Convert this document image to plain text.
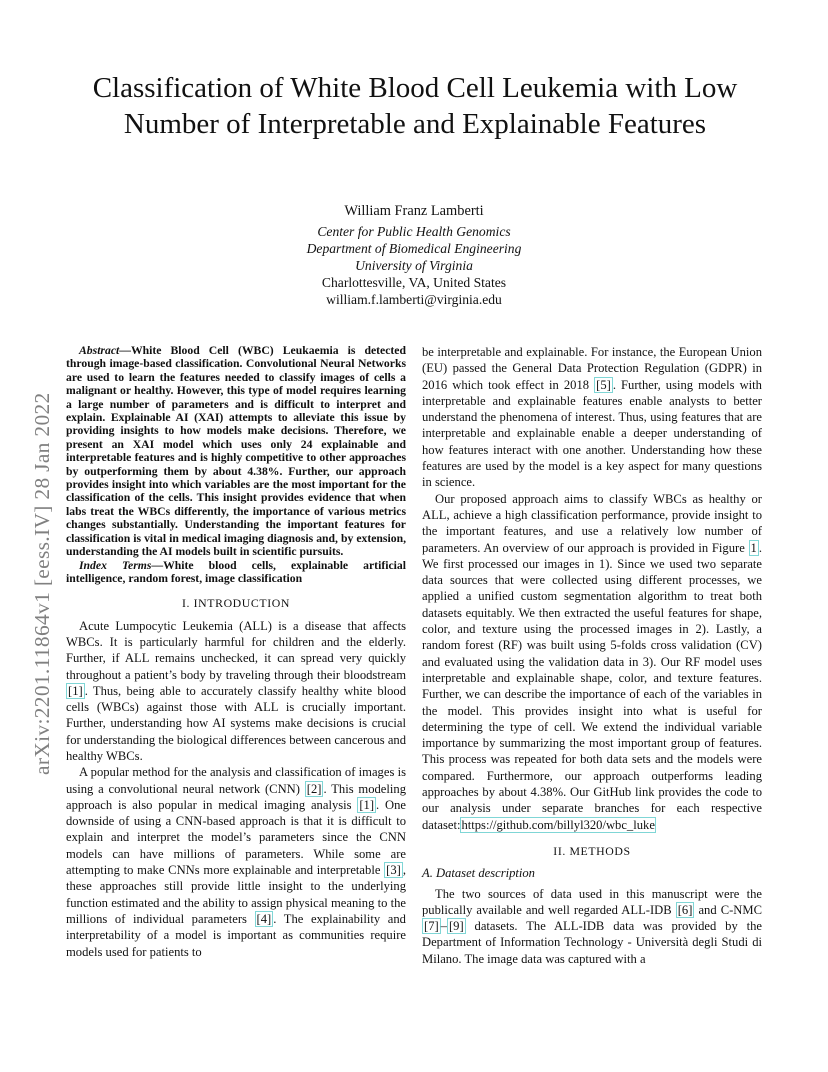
arXiv:2201.11864v1 [eess.IV] 28 Jan 2022
Classification of White Blood Cell Leukemia with Low Number of Interpretable and Explainable Features
William Franz Lamberti
Center for Public Health Genomics
Department of Biomedical Engineering
University of Virginia
Charlottesville, VA, United States
william.f.lamberti@virginia.edu

Abstract—White Blood Cell (WBC) Leukaemia is detected through image-based classification. Convolutional Neural Networks are used to learn the features needed to classify images of cells a malignant or healthy. However, this type of model requires learning a large number of parameters and is difficult to interpret and explain. Explainable AI (XAI) attempts to alleviate this issue by providing insights to how models make decisions. Therefore, we present an XAI model which uses only 24 explainable and interpretable features and is highly competitive to other approaches by outperforming them by about 4.38%. Further, our approach provides insight into which variables are the most important for the classification of the cells. This insight provides evidence that when labs treat the WBCs differently, the importance of various metrics changes substantially. Understanding the important features for classification is vital in medical imaging diagnosis and, by extension, understanding the AI models built in scientific pursuits.

Index Terms—White blood cells, explainable artificial intelligence, random forest, image classification

I. INTRODUCTION

Acute Lumpocytic Leukemia (ALL) is a disease that affects WBCs. It is particularly harmful for children and the elderly. Further, if ALL remains unchecked, it can spread very quickly throughout a patient’s body by traveling through their bloodstream [1] . Thus, being able to accurately classify healthy white blood cells (WBCs) against those with ALL is crucially important. Further, understanding how AI systems make decisions is crucial for understanding the biological differences between cancerous and healthy WBCs.

A popular method for the analysis and classification of images is using a convolutional neural network (CNN) [2] . This modeling approach is also popular in medical imaging analysis [1] . One downside of using a CNN-based approach is that it is difficult to explain and interpret the model’s parameters since the CNN models can have millions of parameters. While some are attempting to make CNNs more explainable and interpretable [3] , these approaches still provide little insight to the underlying function estimated and the ability to assign physical meaning to the millions of individual parameters [4] . The explainability and interpretability of a model is important as communities require models used for patients to

be interpretable and explainable. For instance, the European Union (EU) passed the General Data Protection Regulation (GDPR) in 2016 which took effect in 2018 [5] . Further, using models with interpretable and explainable features enable analysts to better understand the phenomena of interest. Thus, using features that are interpretable and explainable enable a deeper understanding of how features interact with one another. Understanding how these features are used by the model is a key aspect for many questions in science.

Our proposed approach aims to classify WBCs as healthy or ALL, achieve a high classification performance, provide insight to the important features, and use a relatively low number of parameters. An overview of our approach is provided in Figure 1 . We first processed our images in 1). Since we used two separate data sources that were collected using different processes, we applied a unified custom segmentation algorithm to treat both datasets equitably. We then extracted the useful features for shape, color, and texture using the processed images in 2). Lastly, a random forest (RF) was built using 5-folds cross validation (CV) and evaluated using the validation data in 3). Our RF model uses interpretable and explainable shape, color, and texture features. Further, we can describe the importance of each of the variables in the model. This provides insight into what is useful for determining the type of cell. We extend the individual variable importance by summarizing the most important group of features. This process was repeated for both data sets and the models were compared. Furthermore, our approach outperforms leading approaches by about 4.38%. Our GitHub link provides the code to our analysis under separate branches for each respective dataset:https://github.com/billyl320/wbc_luke

II. METHODS
A. Dataset description

The two sources of data used in this manuscript were the publically available and well regarded ALL-IDB [6] and C-NMC [7] – [9] datasets. The ALL-IDB data was provided by the Department of Information Technology - Università degli Studi di Milano. The image data was captured with a
